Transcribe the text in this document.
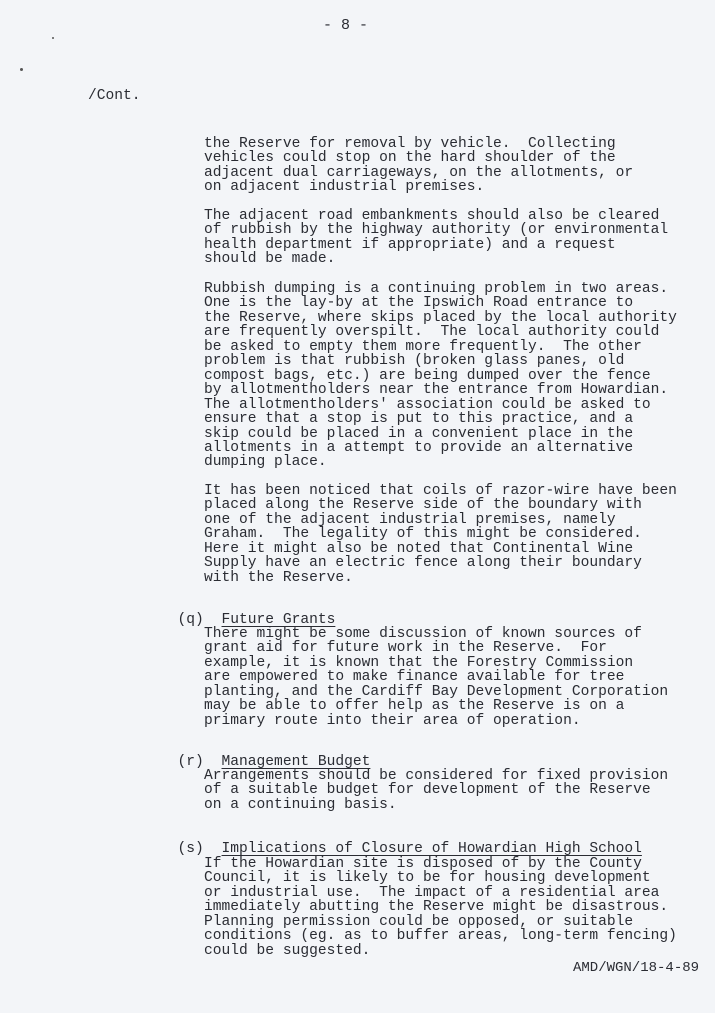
- 8 -
/Cont.
the Reserve for removal by vehicle.  Collecting
vehicles could stop on the hard shoulder of the
adjacent dual carriageways, on the allotments, or
on adjacent industrial premises.
The adjacent road embankments should also be cleared
of rubbish by the highway authority (or environmental
health department if appropriate) and a request
should be made.
Rubbish dumping is a continuing problem in two areas.
One is the lay-by at the Ipswich Road entrance to
the Reserve, where skips placed by the local authority
are frequently overspilt.  The local authority could
be asked to empty them more frequently.  The other
problem is that rubbish (broken glass panes, old
compost bags, etc.) are being dumped over the fence
by allotmentholders near the entrance from Howardian.
The allotmentholders' association could be asked to
ensure that a stop is put to this practice, and a
skip could be placed in a convenient place in the
allotments in a attempt to provide an alternative
dumping place.
It has been noticed that coils of razor-wire have been
placed along the Reserve side of the boundary with
one of the adjacent industrial premises, namely
Graham.  The legality of this might be considered.
Here it might also be noted that Continental Wine
Supply have an electric fence along their boundary
with the Reserve.

(q) Future Grants

There might be some discussion of known sources of
grant aid for future work in the Reserve.  For
example, it is known that the Forestry Commission
are empowered to make finance available for tree
planting, and the Cardiff Bay Development Corporation
may be able to offer help as the Reserve is on a
primary route into their area of operation.

(r) Management Budget

Arrangements should be considered for fixed provision
of a suitable budget for development of the Reserve
on a continuing basis.

(s) Implications of Closure of Howardian High School

If the Howardian site is disposed of by the County
Council, it is likely to be for housing development
or industrial use.  The impact of a residential area
immediately abutting the Reserve might be disastrous.
Planning permission could be opposed, or suitable
conditions (eg. as to buffer areas, long-term fencing)
could be suggested.
AMD/WGN/18-4-89
